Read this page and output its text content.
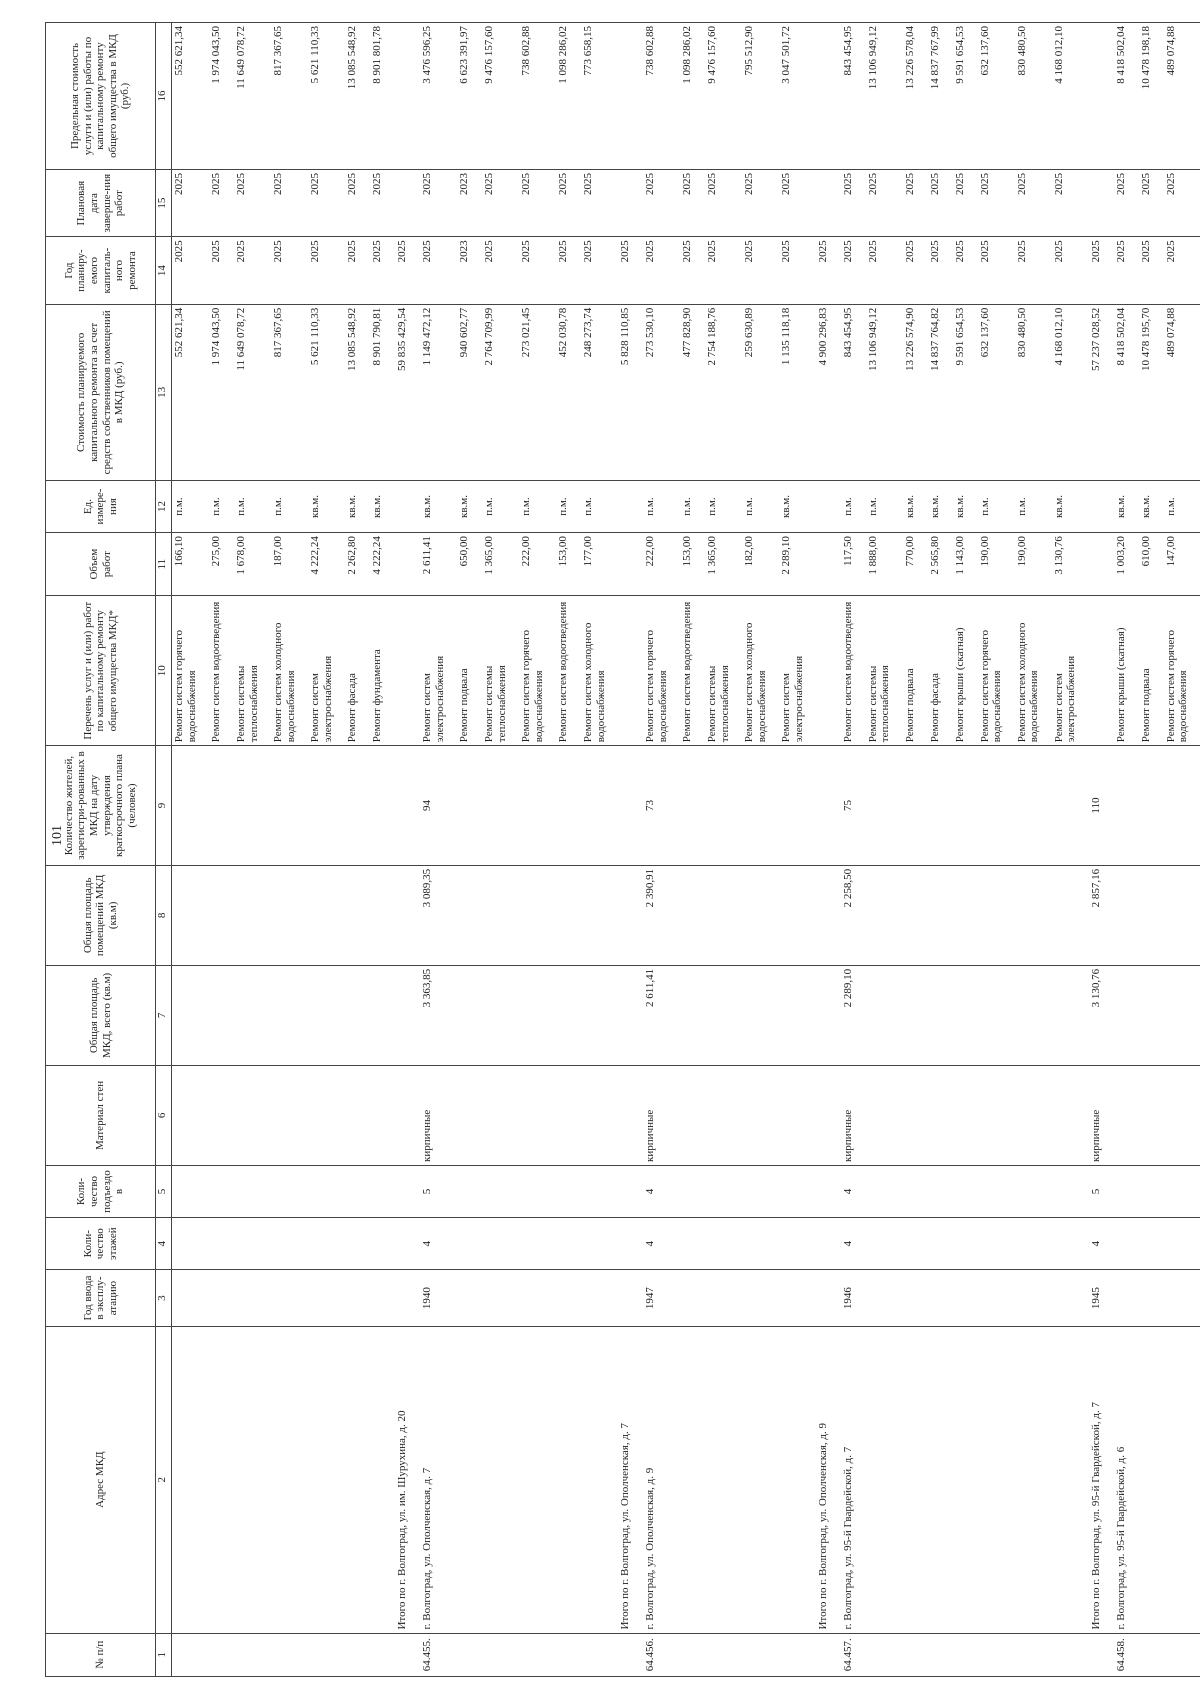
101
№ п/п	Адрес МКД	Год ввода в эксплу-атацию	Коли-чество этажей	Коли-чество подъездо в	Материал стен	Общая площадь МКД, всего (кв.м)	Общая площадь помещений МКД (кв.м)	Количество жителей, зарегистри-рованных в МКД на дату утверждения краткосрочного плана (человек)	Перечень услуг и (или) работ по капитальному ремонту общего имущества МКД*	Объем работ	Ед. измере-ния	Стоимость планируемого капитального ремонта за счет средств собственников помещений в МКД (руб.)	Год планиру-емого капиталь-ного ремонта	Плановая дата заверше-ния работ	Предельная стоимость услуги и (или) работы по капитальному ремонту общего имущества в МКД (руб.)
1	2	3	4	5	6	7	8	9	10	11	12	13	14	15	16
									Ремонт систем горячего водоснабжения	166,10	п.м.	552 621,34	2025	2025	552 621,34
									Ремонт систем водоотведения	275,00	п.м.	1 974 043,50	2025	2025	1 974 043,50
									Ремонт системы теплоснабжения	1 678,00	п.м.	11 649 078,72	2025	2025	11 649 078,72
									Ремонт систем холодного водоснабжения	187,00	п.м.	817 367,65	2025	2025	817 367,65
									Ремонт систем электроснабжения	4 222,24	кв.м.	5 621 110,33	2025	2025	5 621 110,33
									Ремонт фасада	2 262,80	кв.м.	13 085 548,92	2025	2025	13 085 548,92
									Ремонт фундамента	4 222,24	кв.м.	8 901 790,81	2025	2025	8 901 801,78
	Итого по г. Волгоград, ул. им. Шурухина, д. 20											59 835 429,54	2025		
64.455.	г. Волгоград, ул. Ополченская, д. 7	1940	4	5	кирпичные	3 363,85	3 089,35	94	Ремонт систем электроснабжения	2 611,41	кв.м.	1 149 472,12	2025	2025	3 476 596,25
									Ремонт подвала	650,00	кв.м.	940 602,77	2023	2023	6 623 391,97
									Ремонт системы теплоснабжения	1 365,00	п.м.	2 764 709,99	2025	2025	9 476 157,60
									Ремонт систем горячего водоснабжения	222,00	п.м.	273 021,45	2025	2025	738 602,88
									Ремонт систем водоотведения	153,00	п.м.	452 030,78	2025	2025	1 098 286,02
									Ремонт систем холодного водоснабжения	177,00	п.м.	248 273,74	2025	2025	773 658,15
	Итого по г. Волгоград, ул. Ополченская, д. 7											5 828 110,85	2025		
64.456.	г. Волгоград, ул. Ополченская, д. 9	1947	4	4	кирпичные	2 611,41	2 390,91	73	Ремонт систем горячего водоснабжения	222,00	п.м.	273 530,10	2025	2025	738 602,88
									Ремонт систем водоотведения	153,00	п.м.	477 828,90	2025	2025	1 098 286,02
									Ремонт системы теплоснабжения	1 365,00	п.м.	2 754 188,76	2025	2025	9 476 157,60
									Ремонт систем холодного водоснабжения	182,00	п.м.	259 630,89	2025	2025	795 512,90
									Ремонт систем электроснабжения	2 289,10	кв.м.	1 135 118,18	2025	2025	3 047 501,72
	Итого по г. Волгоград, ул. Ополченская, д. 9											4 900 296,83	2025		
64.457.	г. Волгоград, ул. 95-й Гвардейской, д. 7	1946	4	4	кирпичные	2 289,10	2 258,50	75	Ремонт систем водоотведения	117,50	п.м.	843 454,95	2025	2025	843 454,95
									Ремонт системы теплоснабжения	1 888,00	п.м.	13 106 949,12	2025	2025	13 106 949,12
									Ремонт подвала	770,00	кв.м.	13 226 574,90	2025	2025	13 226 578,04
									Ремонт фасада	2 565,80	кв.м.	14 837 764,82	2025	2025	14 837 767,99
									Ремонт крыши (скатная)	1 143,00	кв.м.	9 591 654,53	2025	2025	9 591 654,53
									Ремонт систем горячего водоснабжения	190,00	п.м.	632 137,60	2025	2025	632 137,60
									Ремонт систем холодного водоснабжения	190,00	п.м.	830 480,50	2025	2025	830 480,50
									Ремонт систем электроснабжения	3 130,76	кв.м.	4 168 012,10	2025	2025	4 168 012,10
	Итого по г. Волгоград, ул. 95-й Гвардейской, д. 7	1945	4	5	кирпичные	3 130,76	2 857,16	110				57 237 028,52	2025		
64.458.	г. Волгоград, ул. 95-й Гвардейской, д. 6								Ремонт крыши (скатная)	1 003,20	кв.м.	8 418 502,04	2025	2025	8 418 502,04
									Ремонт подвала	610,00	кв.м.	10 478 195,70	2025	2025	10 478 198,18
									Ремонт систем горячего водоснабжения	147,00	п.м.	489 074,88	2025	2025	489 074,88
